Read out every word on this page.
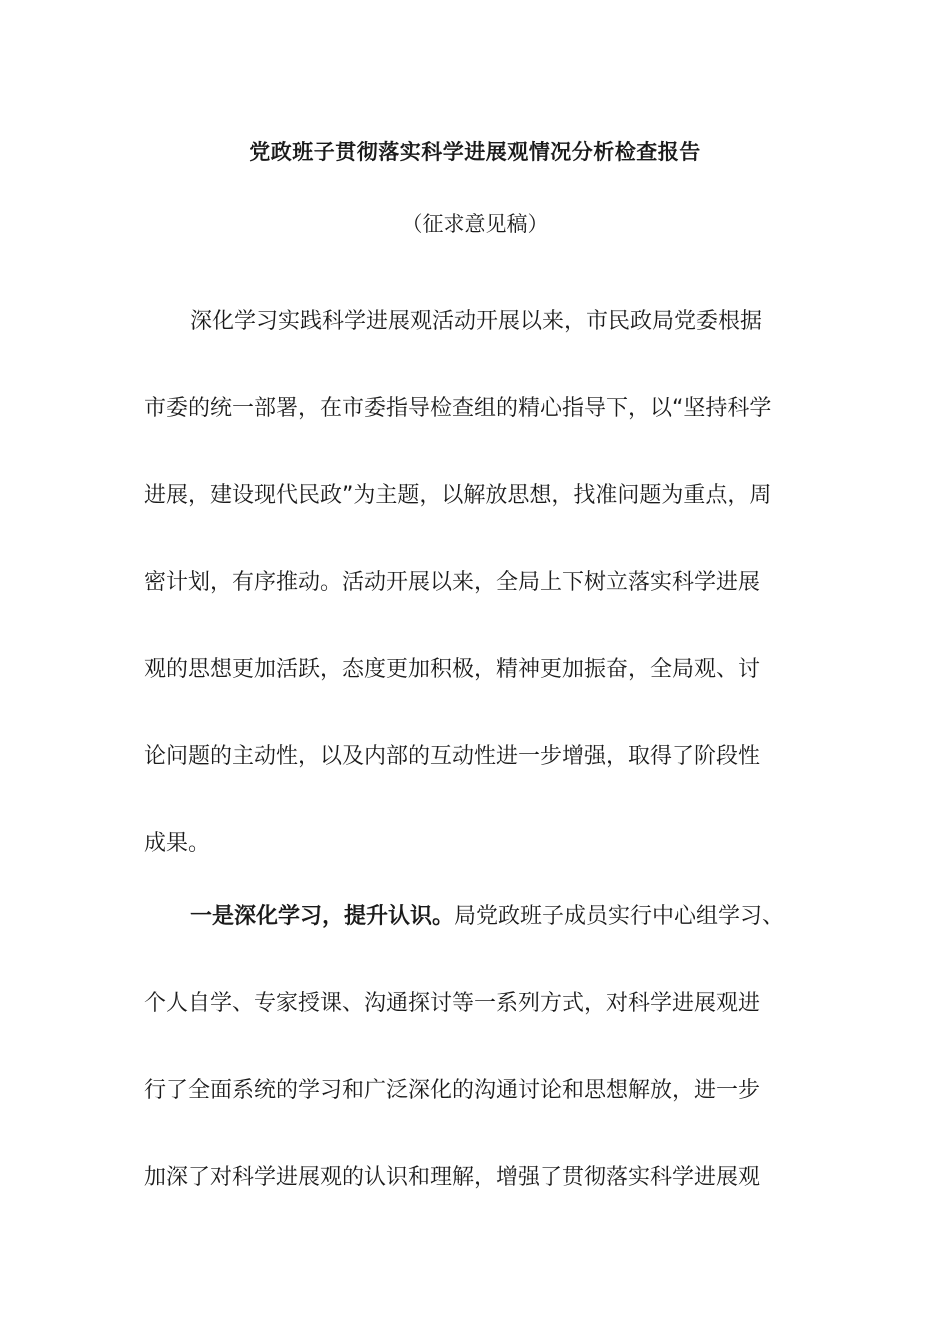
党政班子贯彻落实科学进展观情况分析检查报告
（征求意见稿）
深化学习实践科学进展观活动开展以来，市民政局党委根据
市委的统一部署，在市委指导检查组的精心指导下，以“坚持科学
进展，建设现代民政”为主题，以解放思想，找准问题为重点，周
密计划，有序推动。活动开展以来，全局上下树立落实科学进展
观的思想更加活跃，态度更加积极，精神更加振奋，全局观、讨
论问题的主动性，以及内部的互动性进一步增强，取得了阶段性
成果。
一是深化学习，提升认识。局党政班子成员实行中心组学习、
个人自学、专家授课、沟通探讨等一系列方式，对科学进展观进
行了全面系统的学习和广泛深化的沟通讨论和思想解放，进一步
加深了对科学进展观的认识和理解，增强了贯彻落实科学进展观
